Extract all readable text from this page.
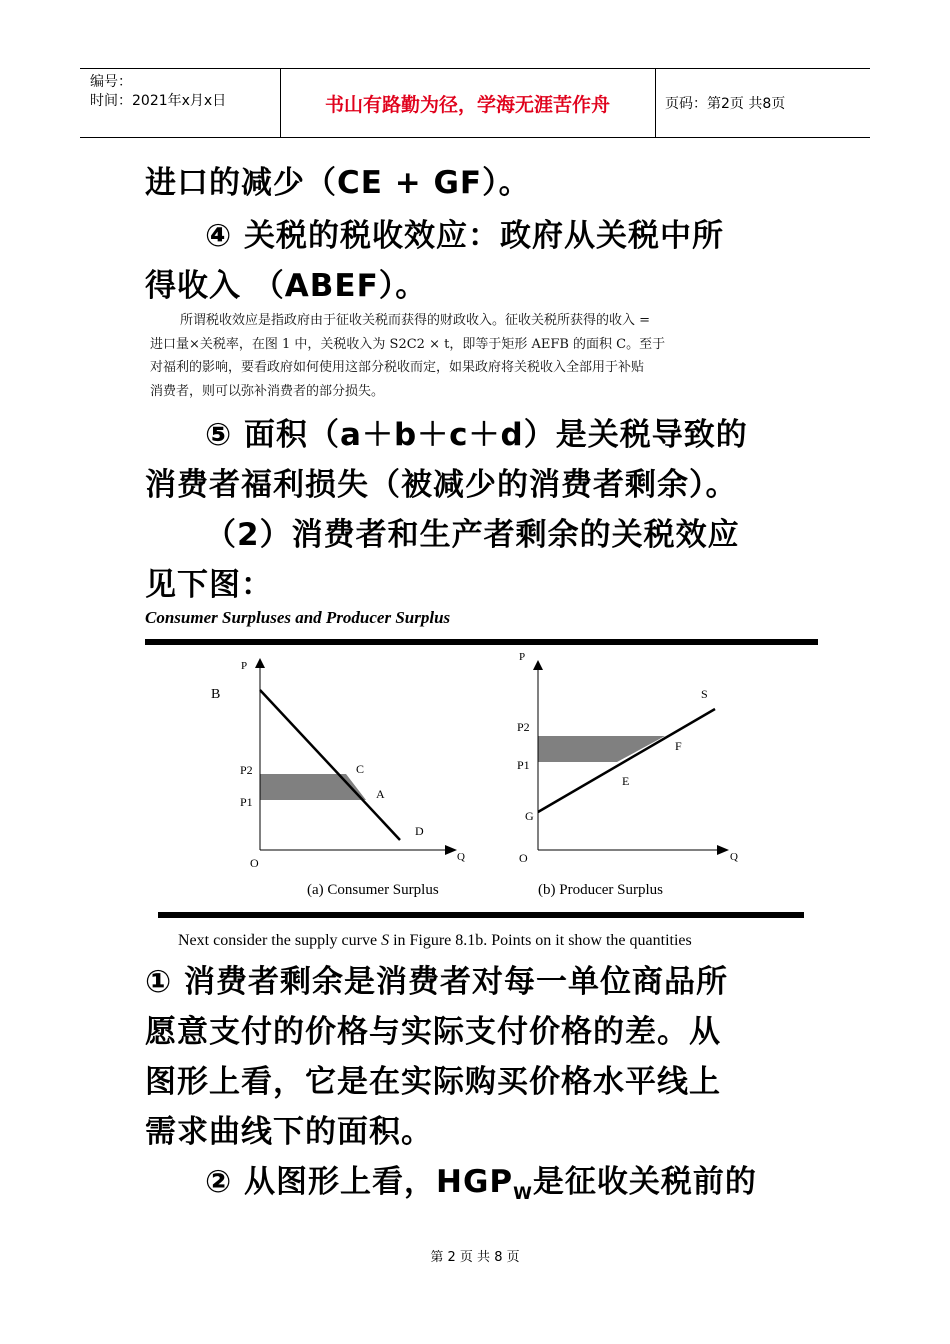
编号：
时间：2021年x月x日	书山有路勤为径，学海无涯苦作舟	页码：第2页 共8页
进口的减少（CE + GF）。
④ 关税的税收效应：政府从关税中所
得收入 （ABEF）。
所谓税收效应是指政府由于征收关税而获得的财政收入。征收关税所获得的收入 =
进口量×关税率，在图 1 中，关税收入为 S2C2 × t，即等于矩形 AEFB 的面积 C。至于
对福利的影响，要看政府如何使用这部分税收而定，如果政府将关税收入全部用于补贴
消费者，则可以弥补消费者的部分损失。
⑤ 面积（a＋b＋c＋d）是关税导致的
消费者福利损失（被减少的消费者剩余）。
（2）消费者和生产者剩余的关税效应
见下图：
Consumer Surpluses and Producer Surplus
P
B
P2
P1
C
A
D
O	Q
P
S
P2
P1
F
E
G
O	Q
(a) Consumer Surplus	(b) Producer Surplus
Next consider the supply curve S in Figure 8.1b. Points on it show the quantities
① 消费者剩余是消费者对每一单位商品所
愿意支付的价格与实际支付价格的差。从
图形上看，它是在实际购买价格水平线上
需求曲线下的面积。
② 从图形上看，$HGP_W$是征收关税前的
第 2 页 共 8 页
